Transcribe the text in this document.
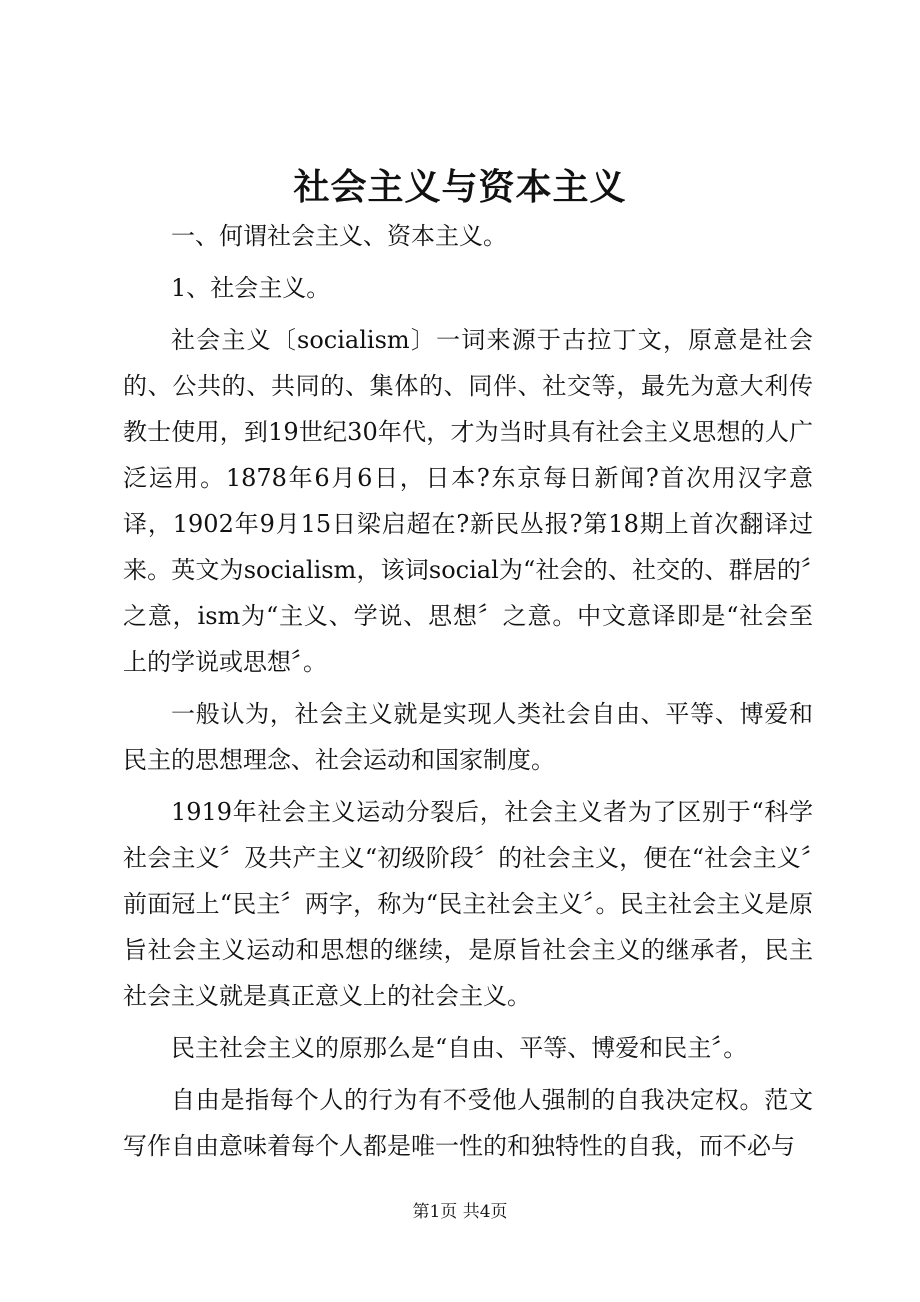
社会主义与资本主义

一、何谓社会主义、资本主义。

1、社会主义。

社会主义〔socialism〕一词来源于古拉丁文，原意是社会的、公共的、共同的、集体的、同伴、社交等，最先为意大利传教士使用，到19世纪30年代，才为当时具有社会主义思想的人广泛运用。1878年6月6日，日本?东京每日新闻?首次用汉字意译，1902年9月15日梁启超在?新民丛报?第18期上首次翻译过来。英文为socialism，该词social为“社会的、社交的、群居的〞之意，ism为“主义、学说、思想〞之意。中文意译即是“社会至上的学说或思想〞。

一般认为，社会主义就是实现人类社会自由、平等、博爱和民主的思想理念、社会运动和国家制度。

1919年社会主义运动分裂后，社会主义者为了区别于“科学社会主义〞及共产主义“初级阶段〞的社会主义，便在“社会主义〞前面冠上“民主〞两字，称为“民主社会主义〞。民主社会主义是原旨社会主义运动和思想的继续，是原旨社会主义的继承者，民主社会主义就是真正意义上的社会主义。

民主社会主义的原那么是“自由、平等、博爱和民主〞。

自由是指每个人的行为有不受他人强制的自我决定权。范文写作自由意味着每个人都是唯一性的和独特性的自我，而不必与

第1页 共4页
